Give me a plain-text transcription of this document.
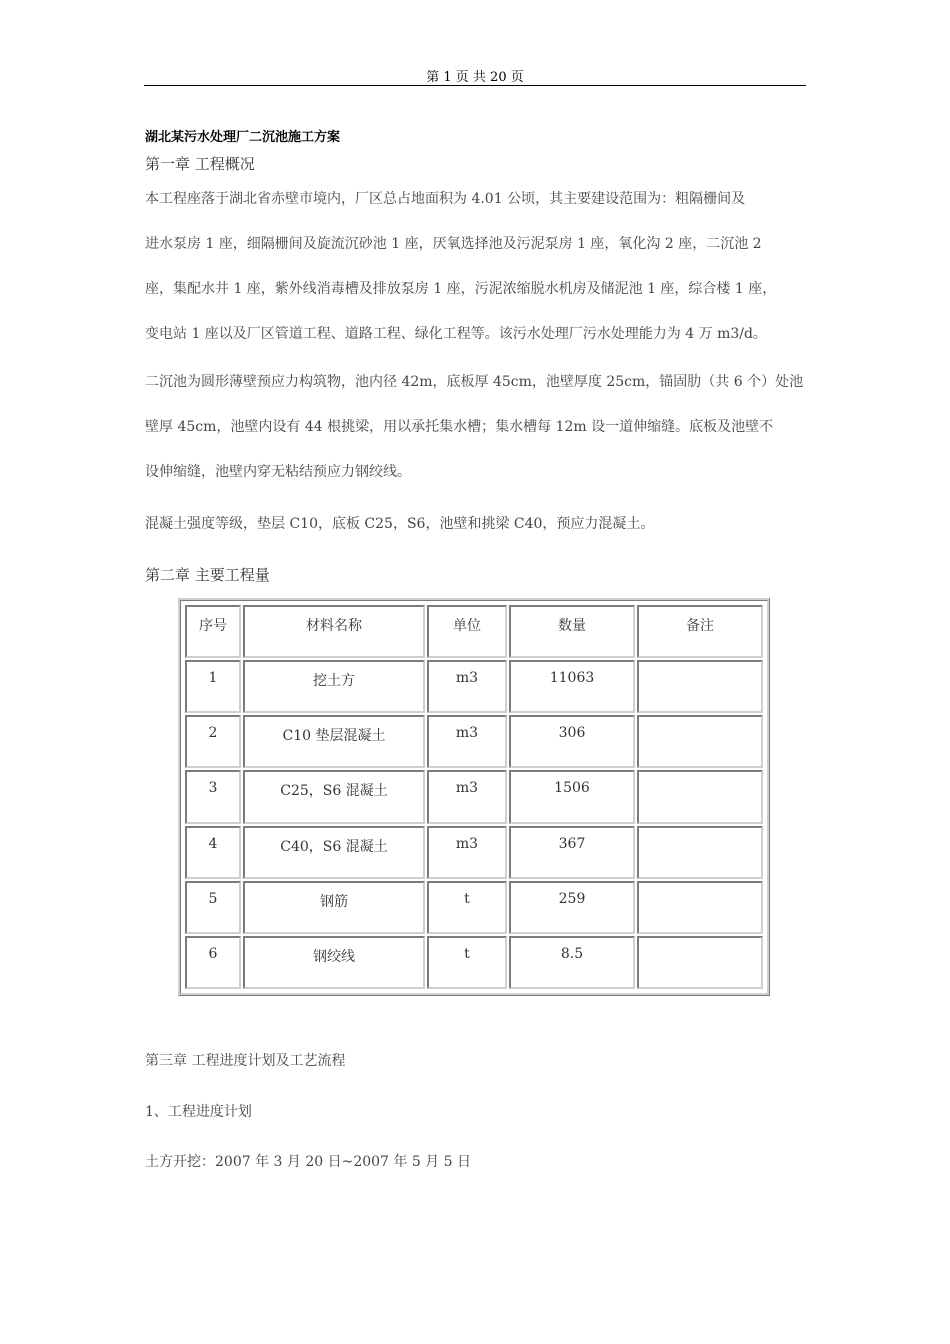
第 1 页 共 20 页
湖北某污水处理厂二沉池施工方案
第一章 工程概况
本工程座落于湖北省赤壁市境内，厂区总占地面积为 4.01 公顷，其主要建设范围为：粗隔栅间及
进水泵房 1 座，细隔栅间及旋流沉砂池 1 座，厌氧选择池及污泥泵房 1 座，氧化沟 2 座，二沉池 2
座，集配水井 1 座，紫外线消毒槽及排放泵房 1 座，污泥浓缩脱水机房及储泥池 1 座，综合楼 1 座，
变电站 1 座以及厂区管道工程、道路工程、绿化工程等。该污水处理厂污水处理能力为 4 万 m3/d。
二沉池为圆形薄壁预应力构筑物，池内径 42m，底板厚 45cm，池壁厚度 25cm，锚固肋（共 6 个）处池
壁厚 45cm，池壁内设有 44 根挑梁，用以承托集水槽；集水槽每 12m 设一道伸缩缝。底板及池壁不
设伸缩缝，池壁内穿无粘结预应力钢绞线。
混凝土强度等级，垫层 C10，底板 C25，S6，池壁和挑梁 C40，预应力混凝土。
第二章 主要工程量
序号	材料名称	单位	数量	备注
1	挖土方	m3	11063	
2	C10 垫层混凝土	m3	306	
3	C25，S6 混凝土	m3	1506	
4	C40，S6 混凝土	m3	367	
5	钢筋	t	259	
6	钢绞线	t	8.5	
第三章 工程进度计划及工艺流程
1、工程进度计划
土方开挖：2007 年 3 月 20 日~2007 年 5 月 5 日
